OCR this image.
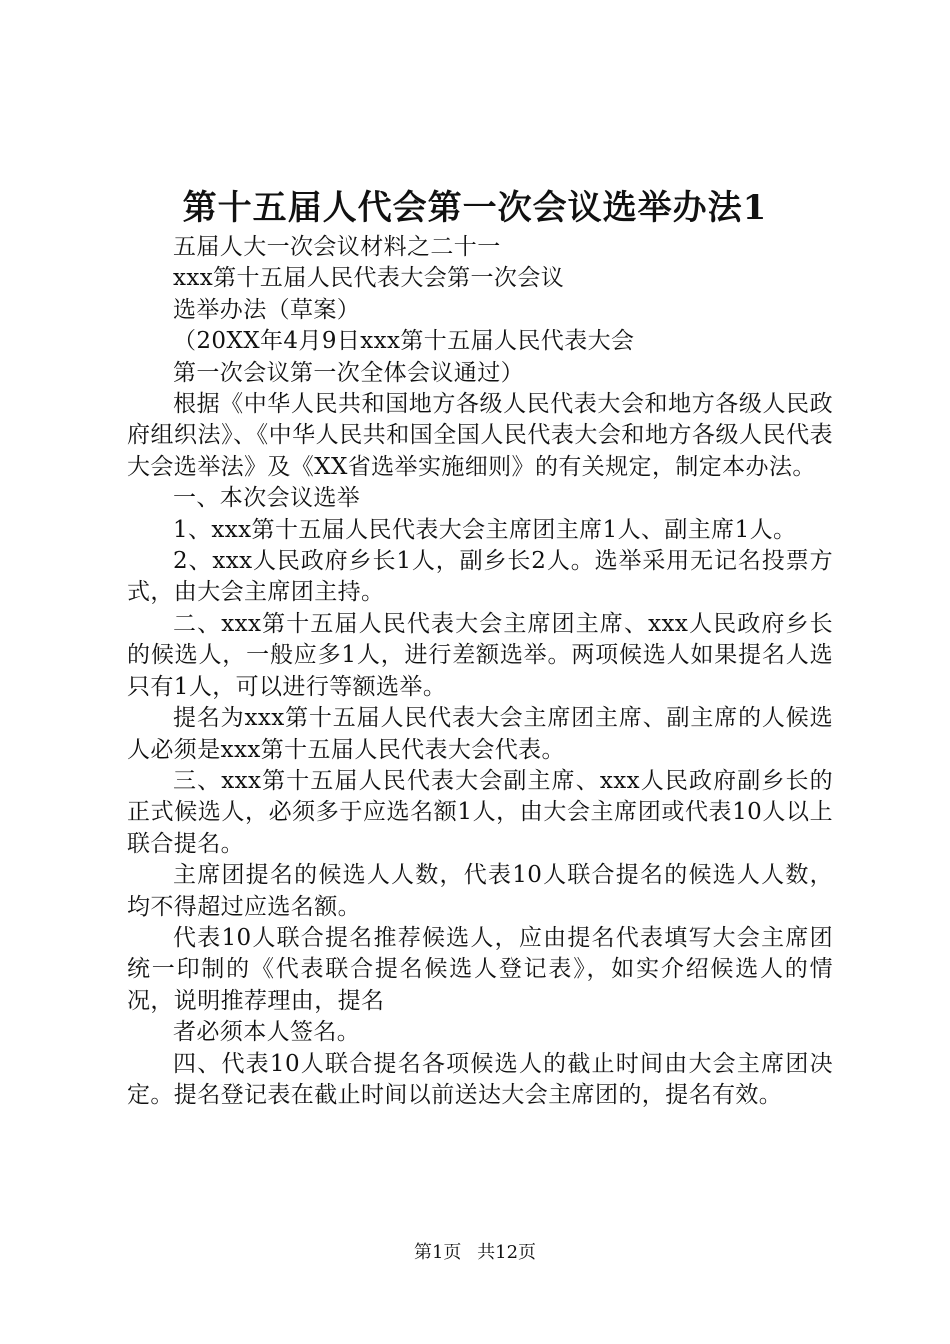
第十五届人代会第一次会议选举办法1

五届人大一次会议材料之二十一

xxx第十五届人民代表大会第一次会议

选举办法（草案）

（20XX年4月9日xxx第十五届人民代表大会

第一次会议第一次全体会议通过）

根据《中华人民共和国地方各级人民代表大会和地方各级人民政府组织法》、《中华人民共和国全国人民代表大会和地方各级人民代表大会选举法》及《XX省选举实施细则》的有关规定，制定本办法。

一、本次会议选举

1、xxx第十五届人民代表大会主席团主席1人、副主席1人。

2、xxx人民政府乡长1人，副乡长2人。选举采用无记名投票方式，由大会主席团主持。

二、xxx第十五届人民代表大会主席团主席、xxx人民政府乡长的候选人，一般应多1人，进行差额选举。两项候选人如果提名人选只有1人，可以进行等额选举。

提名为xxx第十五届人民代表大会主席团主席、副主席的人候选人必须是xxx第十五届人民代表大会代表。

三、xxx第十五届人民代表大会副主席、xxx人民政府副乡长的正式候选人，必须多于应选名额1人，由大会主席团或代表10人以上联合提名。

主席团提名的候选人人数，代表10人联合提名的候选人人数，均不得超过应选名额。

代表10人联合提名推荐候选人，应由提名代表填写大会主席团统一印制的《代表联合提名候选人登记表》，如实介绍候选人的情况，说明推荐理由，提名

者必须本人签名。

四、代表10人联合提名各项候选人的截止时间由大会主席团决定。提名登记表在截止时间以前送达大会主席团的，提名有效。

第1页 共12页
